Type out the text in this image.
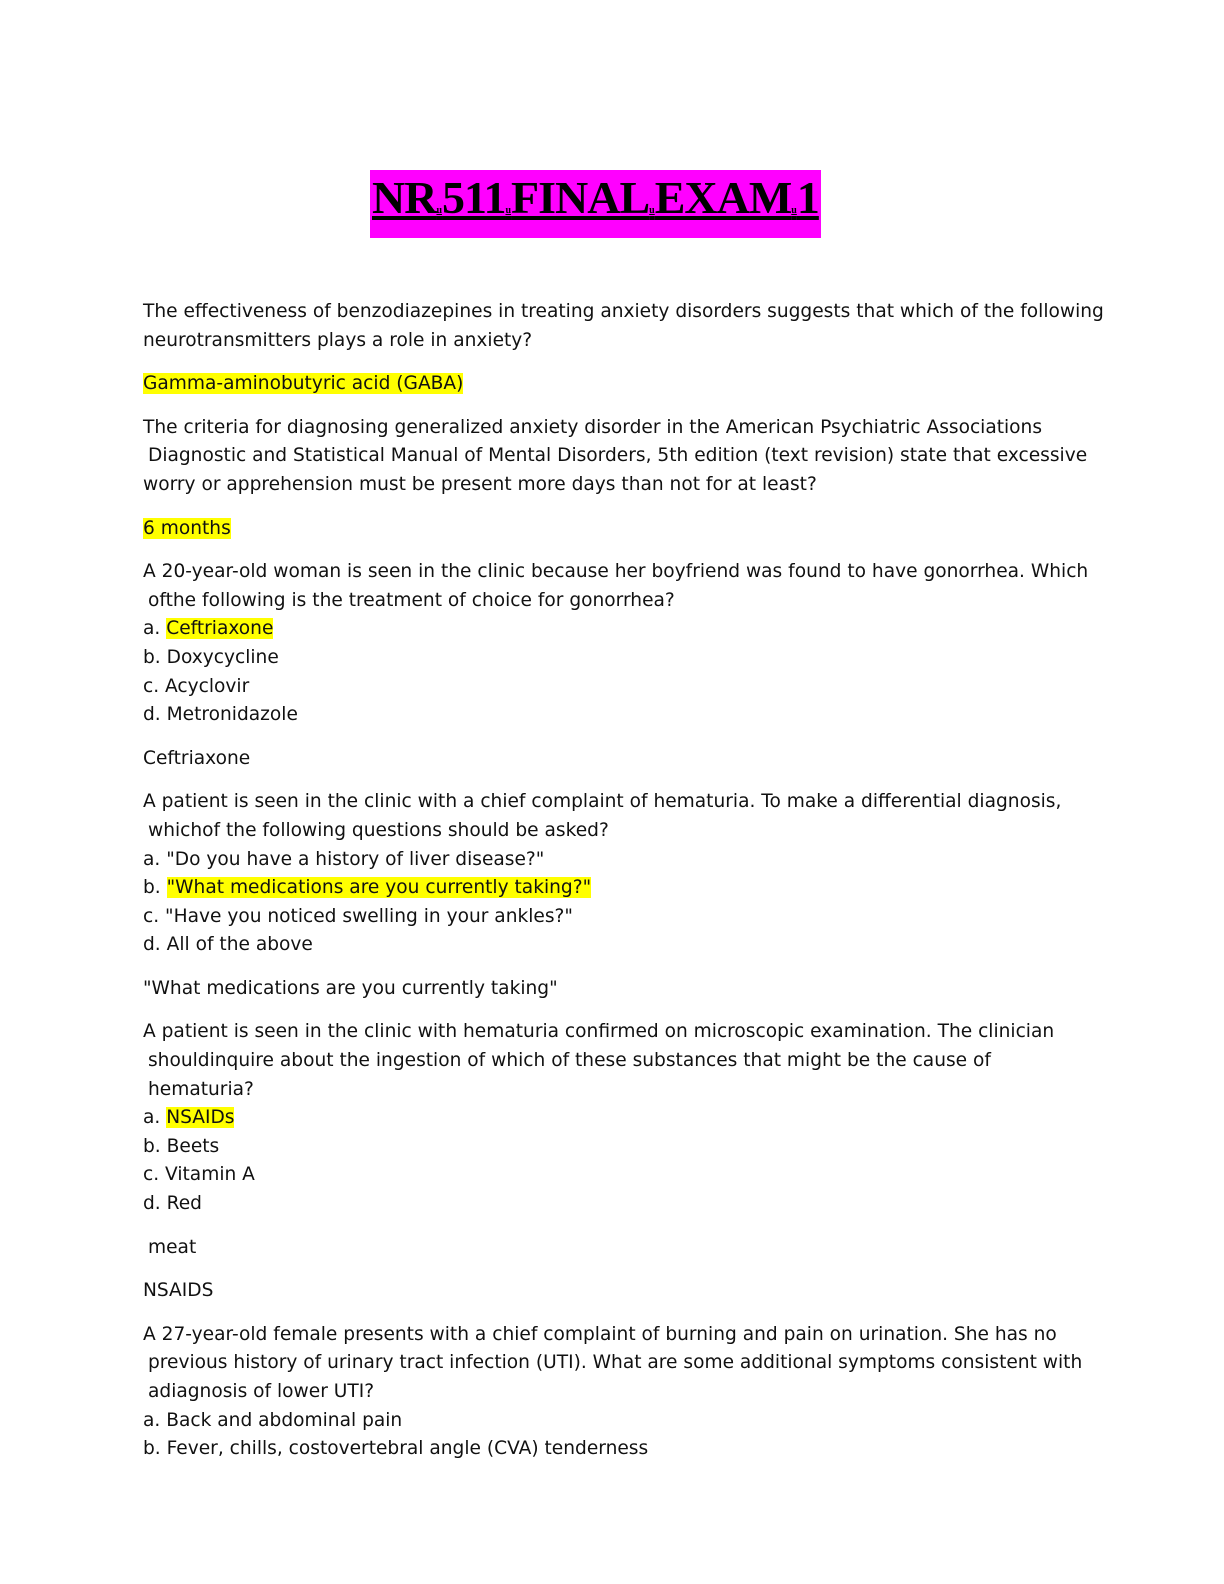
NRu511uFINALuEXAMu1

The effectiveness of benzodiazepines in treating anxiety disorders suggests that which of the following

neurotransmitters plays a role in anxiety?

Gamma-aminobutyric acid (GABA)

The criteria for diagnosing generalized anxiety disorder in the American Psychiatric Associations

Diagnostic and Statistical Manual of Mental Disorders, 5th edition (text revision) state that excessive

worry or apprehension must be present more days than not for at least?

6 months

A 20-year-old woman is seen in the clinic because her boyfriend was found to have gonorrhea. Which

ofthe following is the treatment of choice for gonorrhea?

a. Ceftriaxone

b. Doxycycline

c. Acyclovir

d. Metronidazole

Ceftriaxone

A patient is seen in the clinic with a chief complaint of hematuria. To make a differential diagnosis,

whichof the following questions should be asked?

a. "Do you have a history of liver disease?"

b. "What medications are you currently taking?"

c. "Have you noticed swelling in your ankles?"

d. All of the above

"What medications are you currently taking"

A patient is seen in the clinic with hematuria confirmed on microscopic examination. The clinician

shouldinquire about the ingestion of which of these substances that might be the cause of

hematuria?

a. NSAIDs

b. Beets

c. Vitamin A

d. Red

meat

NSAIDS

A 27-year-old female presents with a chief complaint of burning and pain on urination. She has no

previous history of urinary tract infection (UTI). What are some additional symptoms consistent with

adiagnosis of lower UTI?

a. Back and abdominal pain

b. Fever, chills, costovertebral angle (CVA) tenderness
